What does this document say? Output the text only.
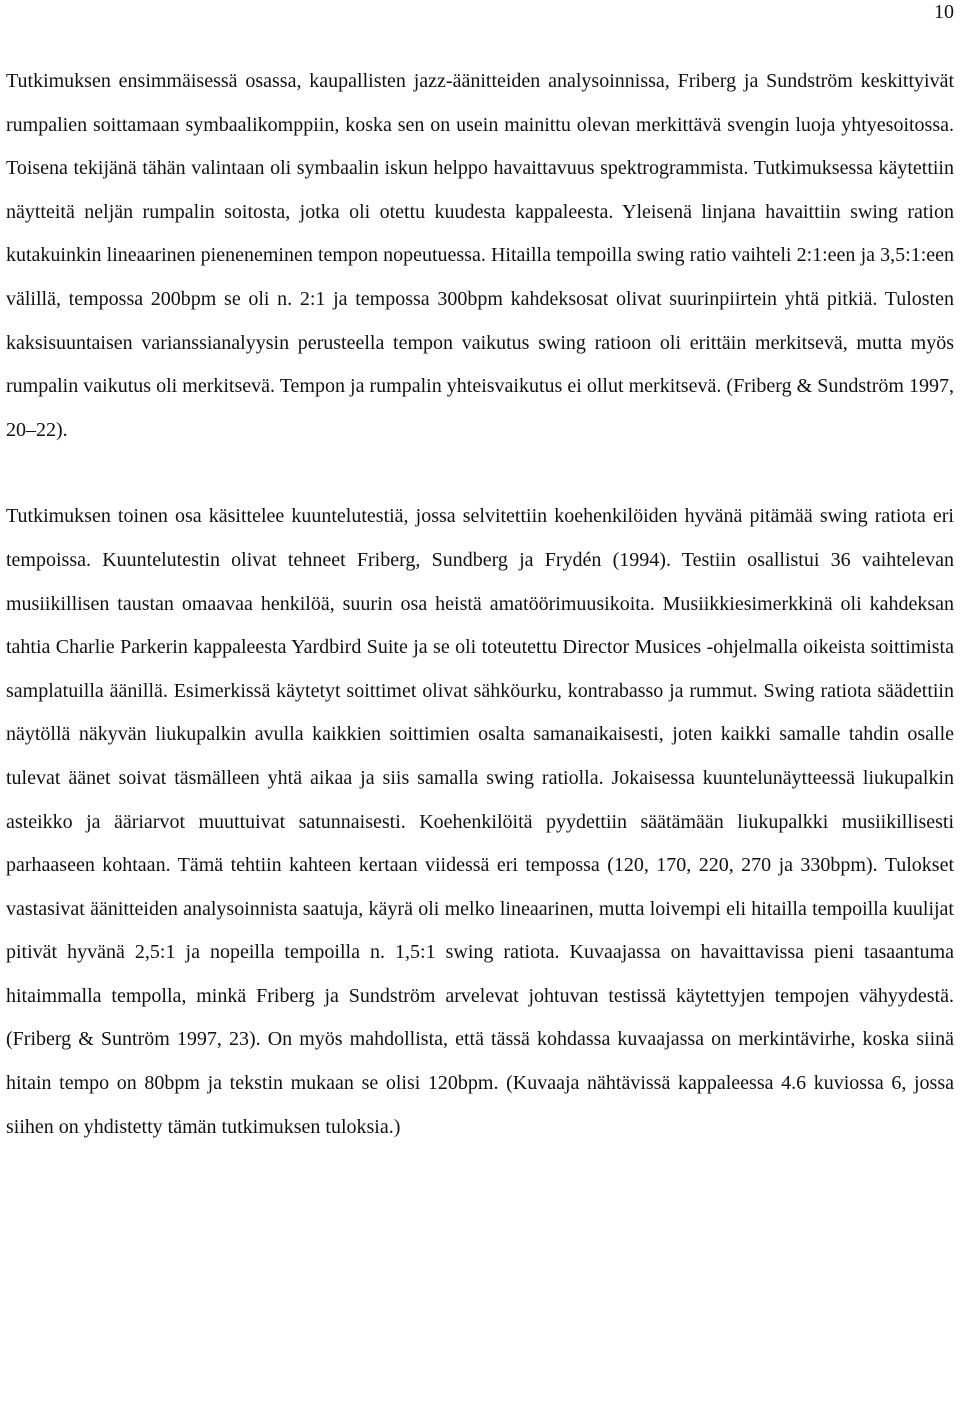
10

Tutkimuksen ensimmäisessä osassa, kaupallisten jazz-äänitteiden analysoinnissa, Friberg ja Sundström keskittyivät rumpalien soittamaan symbaalikomppiin, koska sen on usein mainittu olevan merkittävä svengin luoja yhtyesoitossa. Toisena tekijänä tähän valintaan oli symbaalin iskun helppo havaittavuus spektrogrammista. Tutkimuksessa käytettiin näytteitä neljän rumpalin soitosta, jotka oli otettu kuudesta kappaleesta. Yleisenä linjana havaittiin swing ration kutakuinkin lineaarinen pieneneminen tempon nopeutuessa. Hitailla tempoilla swing ratio vaihteli 2:1:een ja 3,5:1:een välillä, tempossa 200bpm se oli n. 2:1 ja tempossa 300bpm kahdeksosat olivat suurinpiirtein yhtä pitkiä. Tulosten kaksisuuntaisen varianssianalyysin perusteella tempon vaikutus swing ratioon oli erittäin merkitsevä, mutta myös rumpalin vaikutus oli merkitsevä. Tempon ja rumpalin yhteisvaikutus ei ollut merkitsevä. (Friberg & Sundström 1997, 20–22).

Tutkimuksen toinen osa käsittelee kuuntelutestiä, jossa selvitettiin koehenkilöiden hyvänä pitämää swing ratiota eri tempoissa. Kuuntelutestin olivat tehneet Friberg, Sundberg ja Frydén (1994). Testiin osallistui 36 vaihtelevan musiikillisen taustan omaavaa henkilöä, suurin osa heistä amatöörimuusikoita. Musiikkiesimerkkinä oli kahdeksan tahtia Charlie Parkerin kappaleesta Yardbird Suite ja se oli toteutettu Director Musices -ohjelmalla oikeista soittimista samplatuilla äänillä. Esimerkissä käytetyt soittimet olivat sähköurku, kontrabasso ja rummut. Swing ratiota säädettiin näytöllä näkyvän liukupalkin avulla kaikkien soittimien osalta samanaikaisesti, joten kaikki samalle tahdin osalle tulevat äänet soivat täsmälleen yhtä aikaa ja siis samalla swing ratiolla. Jokaisessa kuuntelunäytteessä liukupalkin asteikko ja ääriarvot muuttuivat satunnaisesti. Koehenkilöitä pyydettiin säätämään liukupalkki musiikillisesti parhaaseen kohtaan. Tämä tehtiin kahteen kertaan viidessä eri tempossa (120, 170, 220, 270 ja 330bpm). Tulokset vastasivat äänitteiden analysoinnista saatuja, käyrä oli melko lineaarinen, mutta loivempi eli hitailla tempoilla kuulijat pitivät hyvänä 2,5:1 ja nopeilla tempoilla n. 1,5:1 swing ratiota. Kuvaajassa on havaittavissa pieni tasaantuma hitaimmalla tempolla, minkä Friberg ja Sundström arvelevat johtuvan testissä käytettyjen tempojen vähyydestä. (Friberg & Suntröm 1997, 23). On myös mahdollista, että tässä kohdassa kuvaajassa on merkintävirhe, koska siinä hitain tempo on 80bpm ja tekstin mukaan se olisi 120bpm. (Kuvaaja nähtävissä kappaleessa 4.6 kuviossa 6, jossa siihen on yhdistetty tämän tutkimuksen tuloksia.)
